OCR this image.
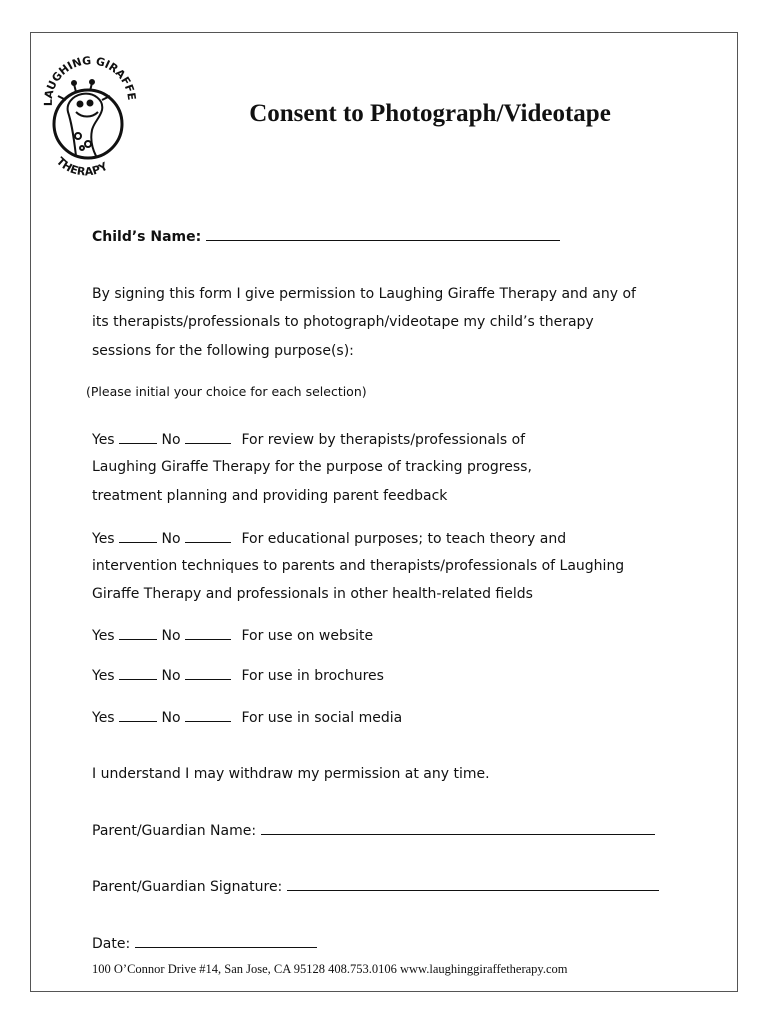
LAUGHING GIRAFFE
THERAPY
Consent to Photograph/Videotape
Child’s Name:
By signing this form I give permission to Laughing Giraffe Therapy and any of
its therapists/professionals to photograph/videotape my child’s therapy
sessions for the following purpose(s):
(Please initial your choice for each selection)
Yes	No	For review by therapists/professionals of
Laughing Giraffe Therapy for the purpose of tracking progress,
treatment planning and providing parent feedback
Yes	No	For educational purposes; to teach theory and
intervention techniques to parents and therapists/professionals of Laughing
Giraffe Therapy and professionals in other health-related fields
Yes	No	For use on website
Yes	No	For use in brochures
Yes	No	For use in social media
I understand I may withdraw my permission at any time.
Parent/Guardian Name:
Parent/Guardian Signature:
Date:
100 O’Connor Drive #14, San Jose, CA 95128 408.753.0106 www.laughinggiraffetherapy.com
